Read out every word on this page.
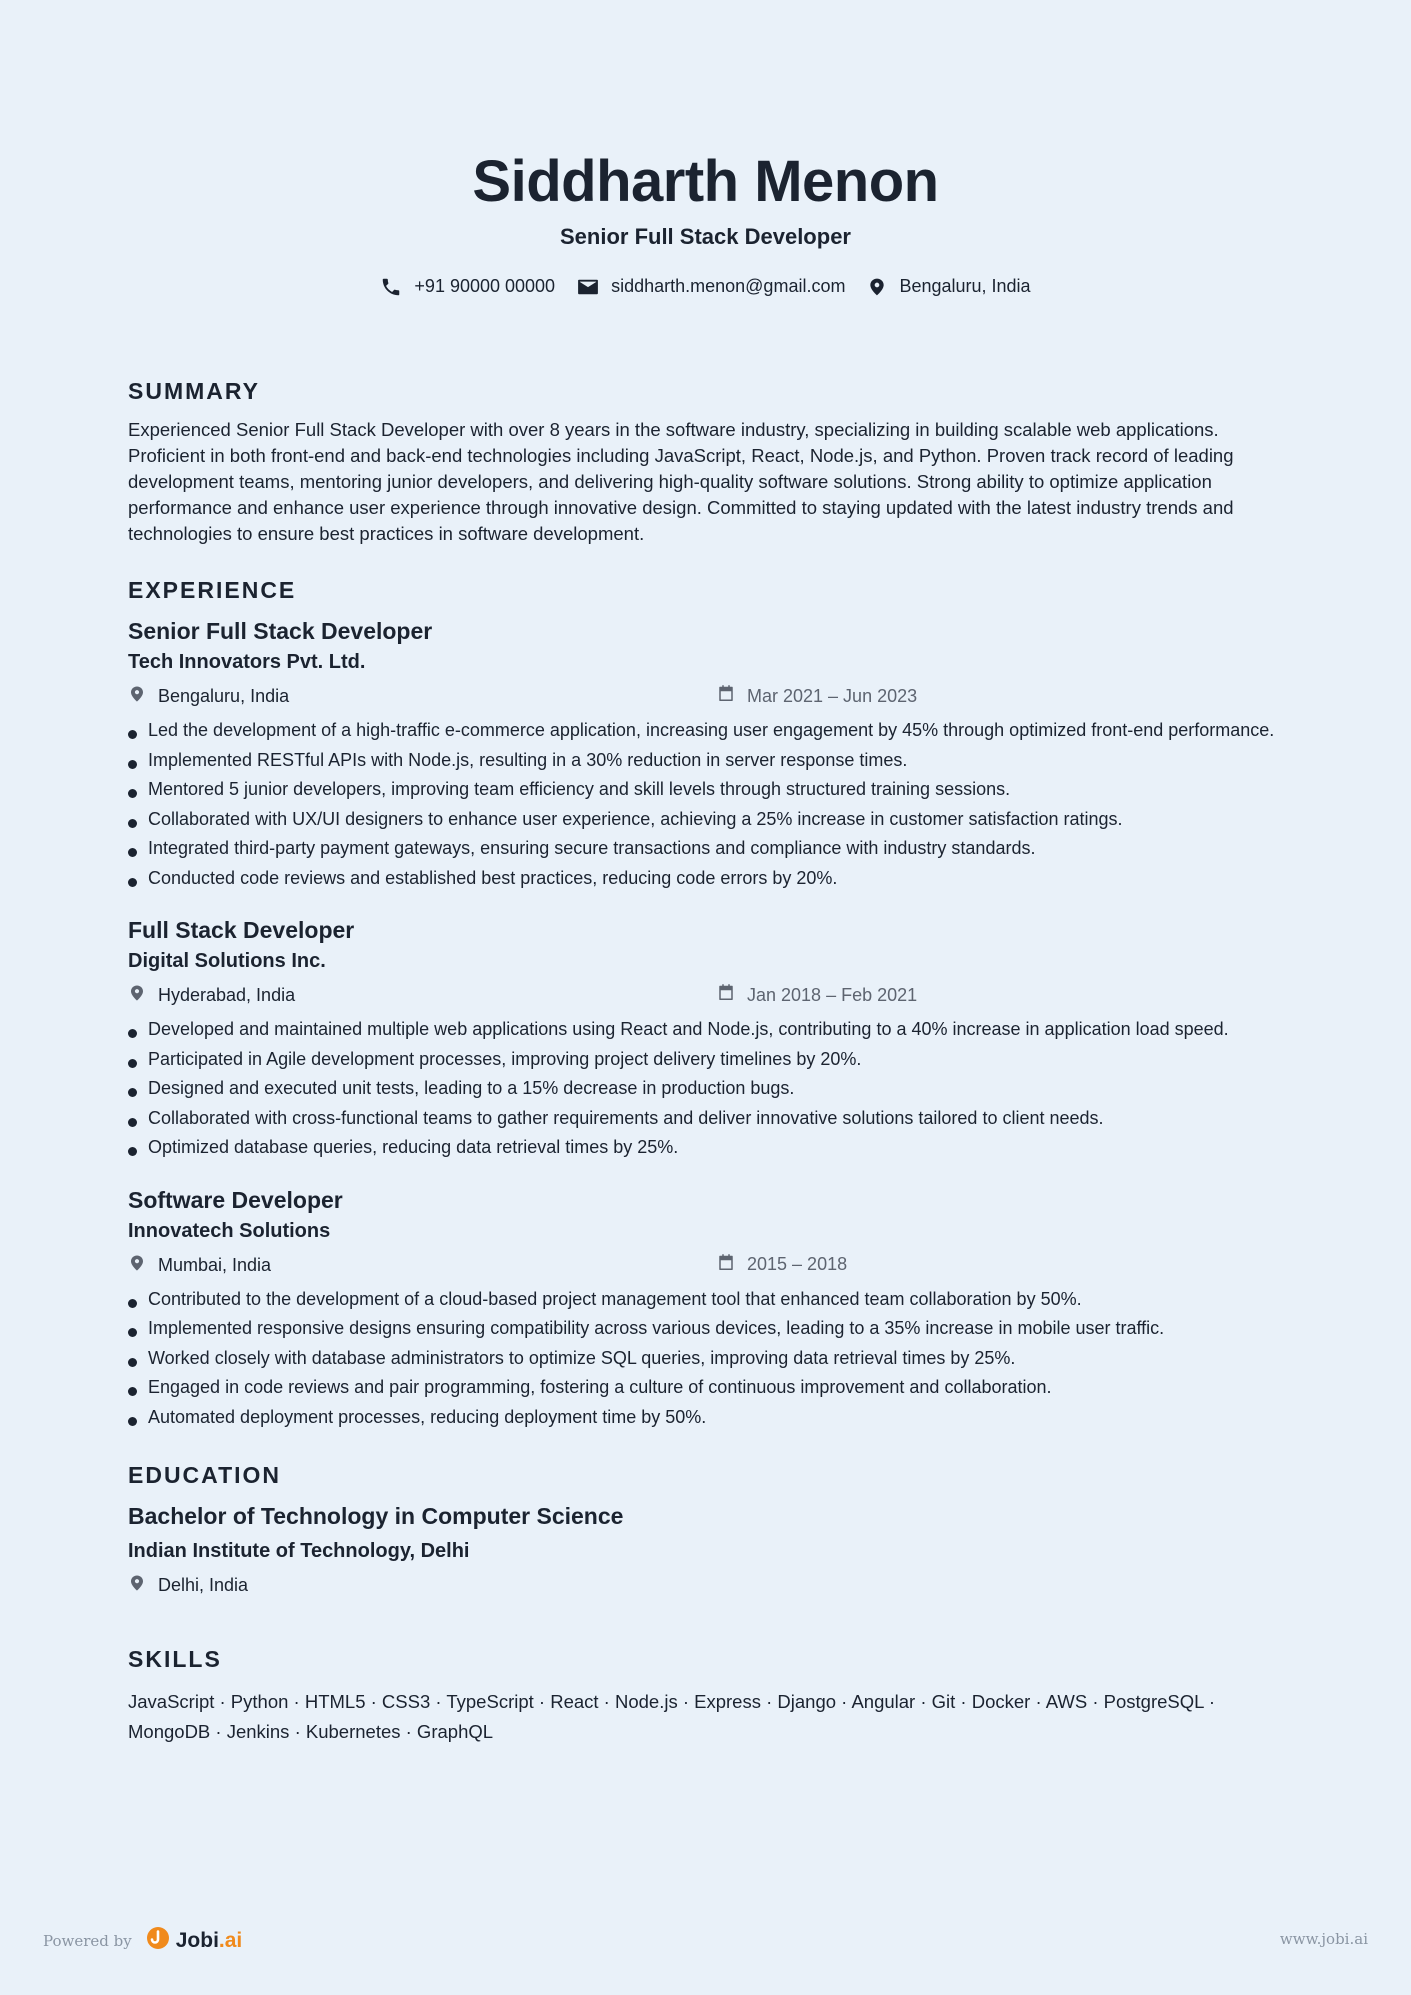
Siddharth Menon
Senior Full Stack Developer
+91 90000 00000	siddharth.menon@gmail.com	Bengaluru, India
SUMMARY
Experienced Senior Full Stack Developer with over 8 years in the software industry, specializing in building scalable web applications. Proficient in both front-end and back-end technologies including JavaScript, React, Node.js, and Python. Proven track record of leading development teams, mentoring junior developers, and delivering high-quality software solutions. Strong ability to optimize application performance and enhance user experience through innovative design. Committed to staying updated with the latest industry trends and technologies to ensure best practices in software development.
EXPERIENCE
Senior Full Stack Developer
Tech Innovators Pvt. Ltd.
Bengaluru, India	Mar 2021 – Jun 2023
Led the development of a high-traffic e-commerce application, increasing user engagement by 45% through optimized front-end performance.
Implemented RESTful APIs with Node.js, resulting in a 30% reduction in server response times.
Mentored 5 junior developers, improving team efficiency and skill levels through structured training sessions.
Collaborated with UX/UI designers to enhance user experience, achieving a 25% increase in customer satisfaction ratings.
Integrated third-party payment gateways, ensuring secure transactions and compliance with industry standards.
Conducted code reviews and established best practices, reducing code errors by 20%.
Full Stack Developer
Digital Solutions Inc.
Hyderabad, India	Jan 2018 – Feb 2021
Developed and maintained multiple web applications using React and Node.js, contributing to a 40% increase in application load speed.
Participated in Agile development processes, improving project delivery timelines by 20%.
Designed and executed unit tests, leading to a 15% decrease in production bugs.
Collaborated with cross-functional teams to gather requirements and deliver innovative solutions tailored to client needs.
Optimized database queries, reducing data retrieval times by 25%.
Software Developer
Innovatech Solutions
Mumbai, India	2015 – 2018
Contributed to the development of a cloud-based project management tool that enhanced team collaboration by 50%.
Implemented responsive designs ensuring compatibility across various devices, leading to a 35% increase in mobile user traffic.
Worked closely with database administrators to optimize SQL queries, improving data retrieval times by 25%.
Engaged in code reviews and pair programming, fostering a culture of continuous improvement and collaboration.
Automated deployment processes, reducing deployment time by 50%.
EDUCATION
Bachelor of Technology in Computer Science
Indian Institute of Technology, Delhi
Delhi, India
SKILLS
JavaScript · Python · HTML5 · CSS3 · TypeScript · React · Node.js · Express · Django · Angular · Git · Docker · AWS · PostgreSQL · MongoDB · Jenkins · Kubernetes · GraphQL
Powered by Jobi.ai	www.jobi.ai
